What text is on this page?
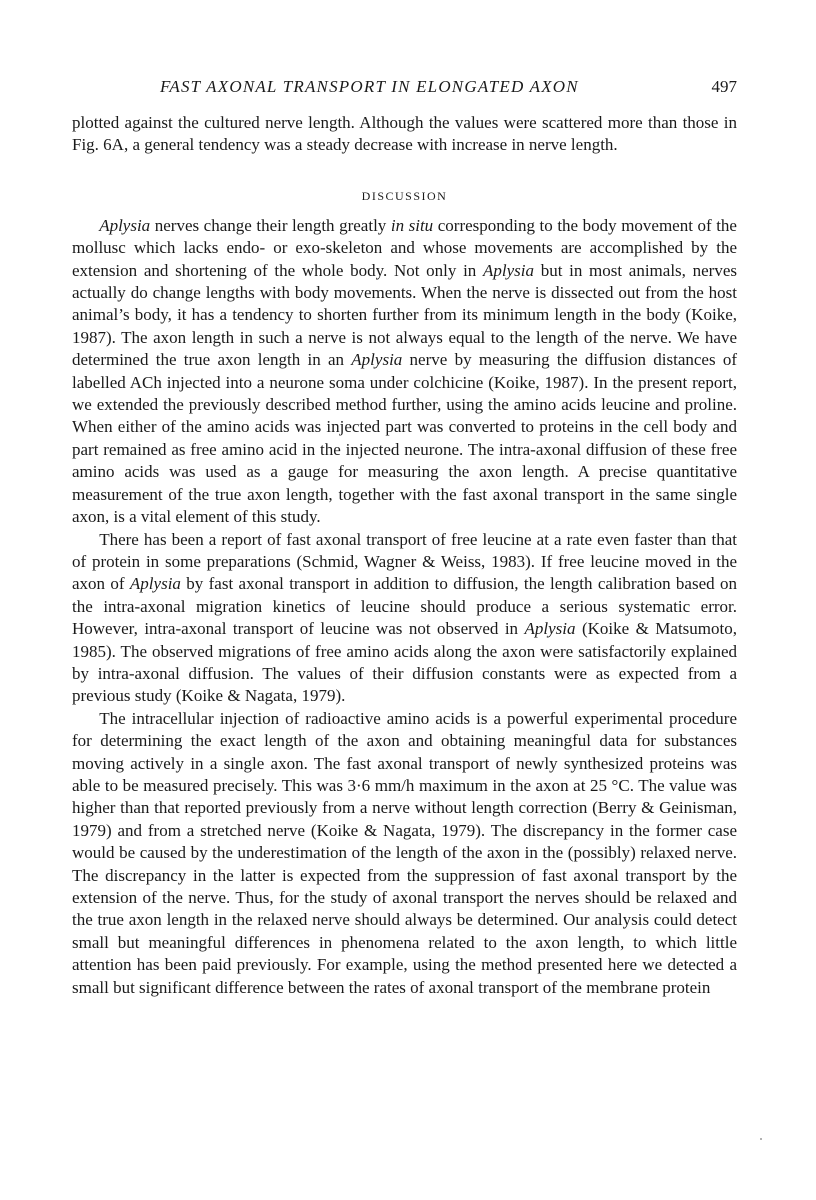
FAST AXONAL TRANSPORT IN ELONGATED AXON	497

plotted against the cultured nerve length. Although the values were scattered more than those in Fig. 6A, a general tendency was a steady decrease with increase in nerve length.

DISCUSSION

Aplysia nerves change their length greatly in situ corresponding to the body movement of the mollusc which lacks endo- or exo-skeleton and whose movements are accomplished by the extension and shortening of the whole body. Not only in Aplysia but in most animals, nerves actually do change lengths with body movements. When the nerve is dissected out from the host animal’s body, it has a tendency to shorten further from its minimum length in the body (Koike, 1987). The axon length in such a nerve is not always equal to the length of the nerve. We have determined the true axon length in an Aplysia nerve by measuring the diffusion distances of labelled ACh injected into a neurone soma under colchicine (Koike, 1987). In the present report, we extended the previously described method further, using the amino acids leucine and proline. When either of the amino acids was injected part was converted to proteins in the cell body and part remained as free amino acid in the injected neurone. The intra-axonal diffusion of these free amino acids was used as a gauge for measuring the axon length. A precise quantitative measurement of the true axon length, together with the fast axonal transport in the same single axon, is a vital element of this study.

There has been a report of fast axonal transport of free leucine at a rate even faster than that of protein in some preparations (Schmid, Wagner & Weiss, 1983). If free leucine moved in the axon of Aplysia by fast axonal transport in addition to diffusion, the length calibration based on the intra-axonal migration kinetics of leucine should produce a serious systematic error. However, intra-axonal transport of leucine was not observed in Aplysia (Koike & Matsumoto, 1985). The observed migrations of free amino acids along the axon were satisfactorily explained by intra-axonal diffusion. The values of their diffusion constants were as expected from a previous study (Koike & Nagata, 1979).

The intracellular injection of radioactive amino acids is a powerful experimental procedure for determining the exact length of the axon and obtaining meaningful data for substances moving actively in a single axon. The fast axonal transport of newly synthesized proteins was able to be measured precisely. This was 3·6 mm/h maximum in the axon at 25 °C. The value was higher than that reported previously from a nerve without length correction (Berry & Geinisman, 1979) and from a stretched nerve (Koike & Nagata, 1979). The discrepancy in the former case would be caused by the underestimation of the length of the axon in the (possibly) relaxed nerve. The discrepancy in the latter is expected from the suppression of fast axonal transport by the extension of the nerve. Thus, for the study of axonal transport the nerves should be relaxed and the true axon length in the relaxed nerve should always be determined. Our analysis could detect small but meaningful differences in phenomena related to the axon length, to which little attention has been paid previously. For example, using the method presented here we detected a small but significant difference between the rates of axonal transport of the membrane protein
